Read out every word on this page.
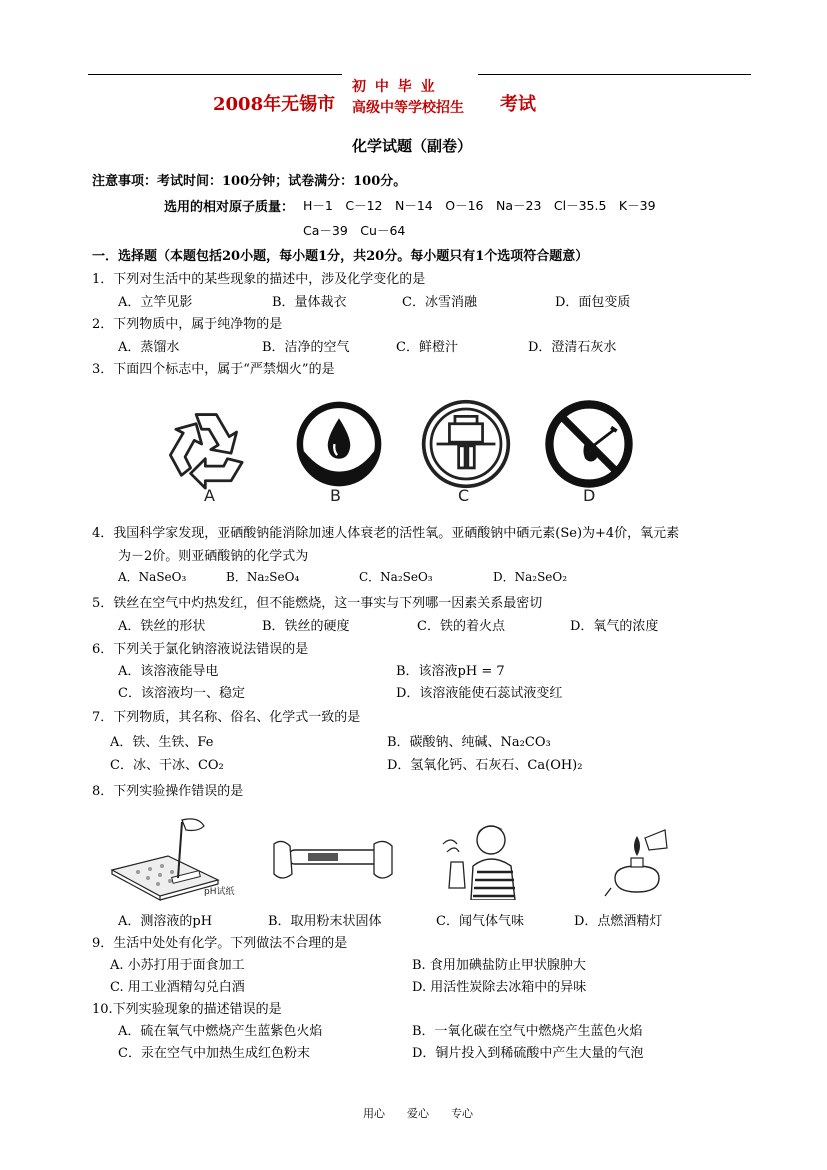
2008年无锡市
初 中 毕 业
高级中等学校招生 考试
化学试题（副卷）
注意事项：考试时间：100分钟；试卷满分：100分。
选用的相对原子质量： H－1　C－12　N－14　O－16　Na－23　Cl－35.5　K－39
Ca－39　Cu－64
一．选择题（本题包括20小题，每小题1分，共20分。每小题只有1个选项符合题意）
1．下列对生活中的某些现象的描述中，涉及化学变化的是
A．立竿见影	B．量体裁衣	C．冰雪消融	D．面包变质
2．下列物质中，属于纯净物的是
A．蒸馏水	B．洁净的空气	C．鲜橙汁	D．澄清石灰水
3．下面四个标志中，属于“严禁烟火”的是
A	B	C	D
4．我国科学家发现，亚硒酸钠能消除加速人体衰老的活性氧。亚硒酸钠中硒元素(Se)为+4价，氧元素
为－2价。则亚硒酸钠的化学式为
A．NaSeO₃	B．Na₂SeO₄	C．Na₂SeO₃	D．Na₂SeO₂
5．铁丝在空气中灼热发红，但不能燃烧，这一事实与下列哪一因素关系最密切
A．铁丝的形状	B．铁丝的硬度	C．铁的着火点	D．氧气的浓度
6．下列关于氯化钠溶液说法错误的是
A．该溶液能导电	B．该溶液pH = 7
C．该溶液均一、稳定	D．该溶液能使石蕊试液变红
7．下列物质，其名称、俗名、化学式一致的是
A．铁、生铁、Fe	B．碳酸钠、纯碱、Na₂CO₃
C．冰、干冰、CO₂	D．氢氧化钙、石灰石、Ca(OH)₂
8．下列实验操作错误的是
pH试纸
A．测溶液的pH	B．取用粉末状固体	C．闻气体气味	D．点燃酒精灯
9．生活中处处有化学。下列做法不合理的是
A. 小苏打用于面食加工	B. 食用加碘盐防止甲状腺肿大
C. 用工业酒精勾兑白酒	D. 用活性炭除去冰箱中的异味
10.下列实验现象的描述错误的是
A．硫在氧气中燃烧产生蓝紫色火焰	B．一氧化碳在空气中燃烧产生蓝色火焰
C．汞在空气中加热生成红色粉末	D．铜片投入到稀硫酸中产生大量的气泡
用心　　爱心　　专心
